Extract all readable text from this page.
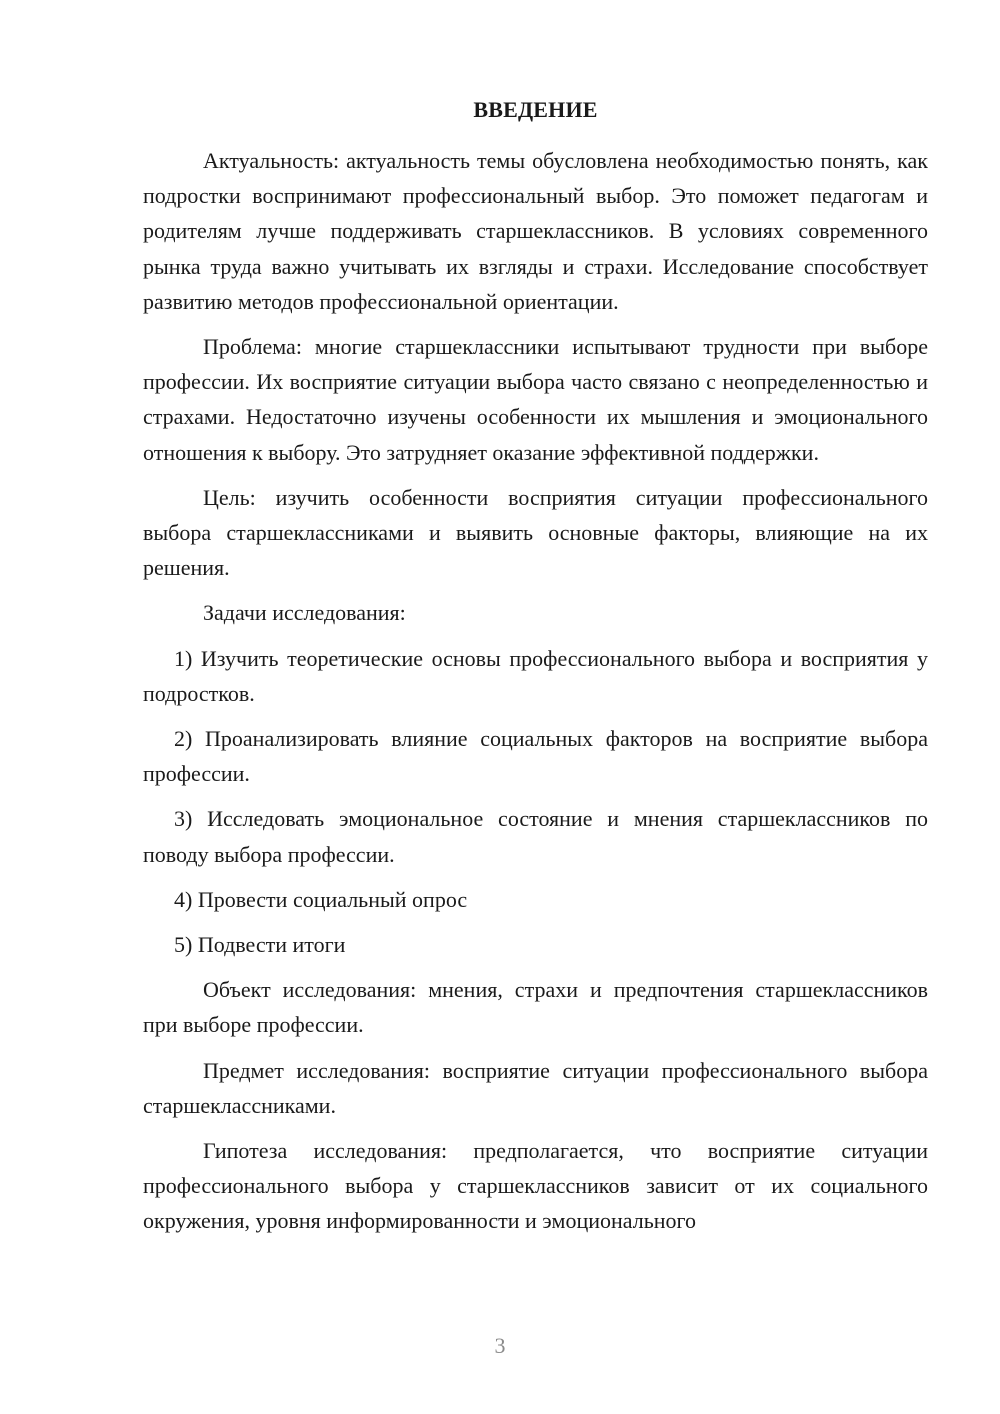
ВВЕДЕНИЕ

Актуальность: актуальность темы обусловлена необходимостью понять, как подростки воспринимают профессиональный выбор. Это поможет педагогам и родителям лучше поддерживать старшеклассников. В условиях современного рынка труда важно учитывать их взгляды и страхи. Исследование способствует развитию методов профессиональной ориентации.

Проблема: многие старшеклассники испытывают трудности при выборе профессии. Их восприятие ситуации выбора часто связано с неопределенностью и страхами. Недостаточно изучены особенности их мышления и эмоционального отношения к выбору. Это затрудняет оказание эффективной поддержки.

Цель: изучить особенности восприятия ситуации профессионального выбора старшеклассниками и выявить основные факторы, влияющие на их решения.

Задачи исследования:

1) Изучить теоретические основы профессионального выбора и восприятия у подростков.

2) Проанализировать влияние социальных факторов на восприятие выбора профессии.

3) Исследовать эмоциональное состояние и мнения старшеклассников по поводу выбора профессии.

4) Провести социальный опрос

5) Подвести итоги

Объект исследования: мнения, страхи и предпочтения старшеклассников при выборе профессии.

Предмет исследования: восприятие ситуации профессионального выбора старшеклассниками.

Гипотеза исследования: предполагается, что восприятие ситуации профессионального выбора у старшеклассников зависит от их социального окружения, уровня информированности и эмоционального

3
